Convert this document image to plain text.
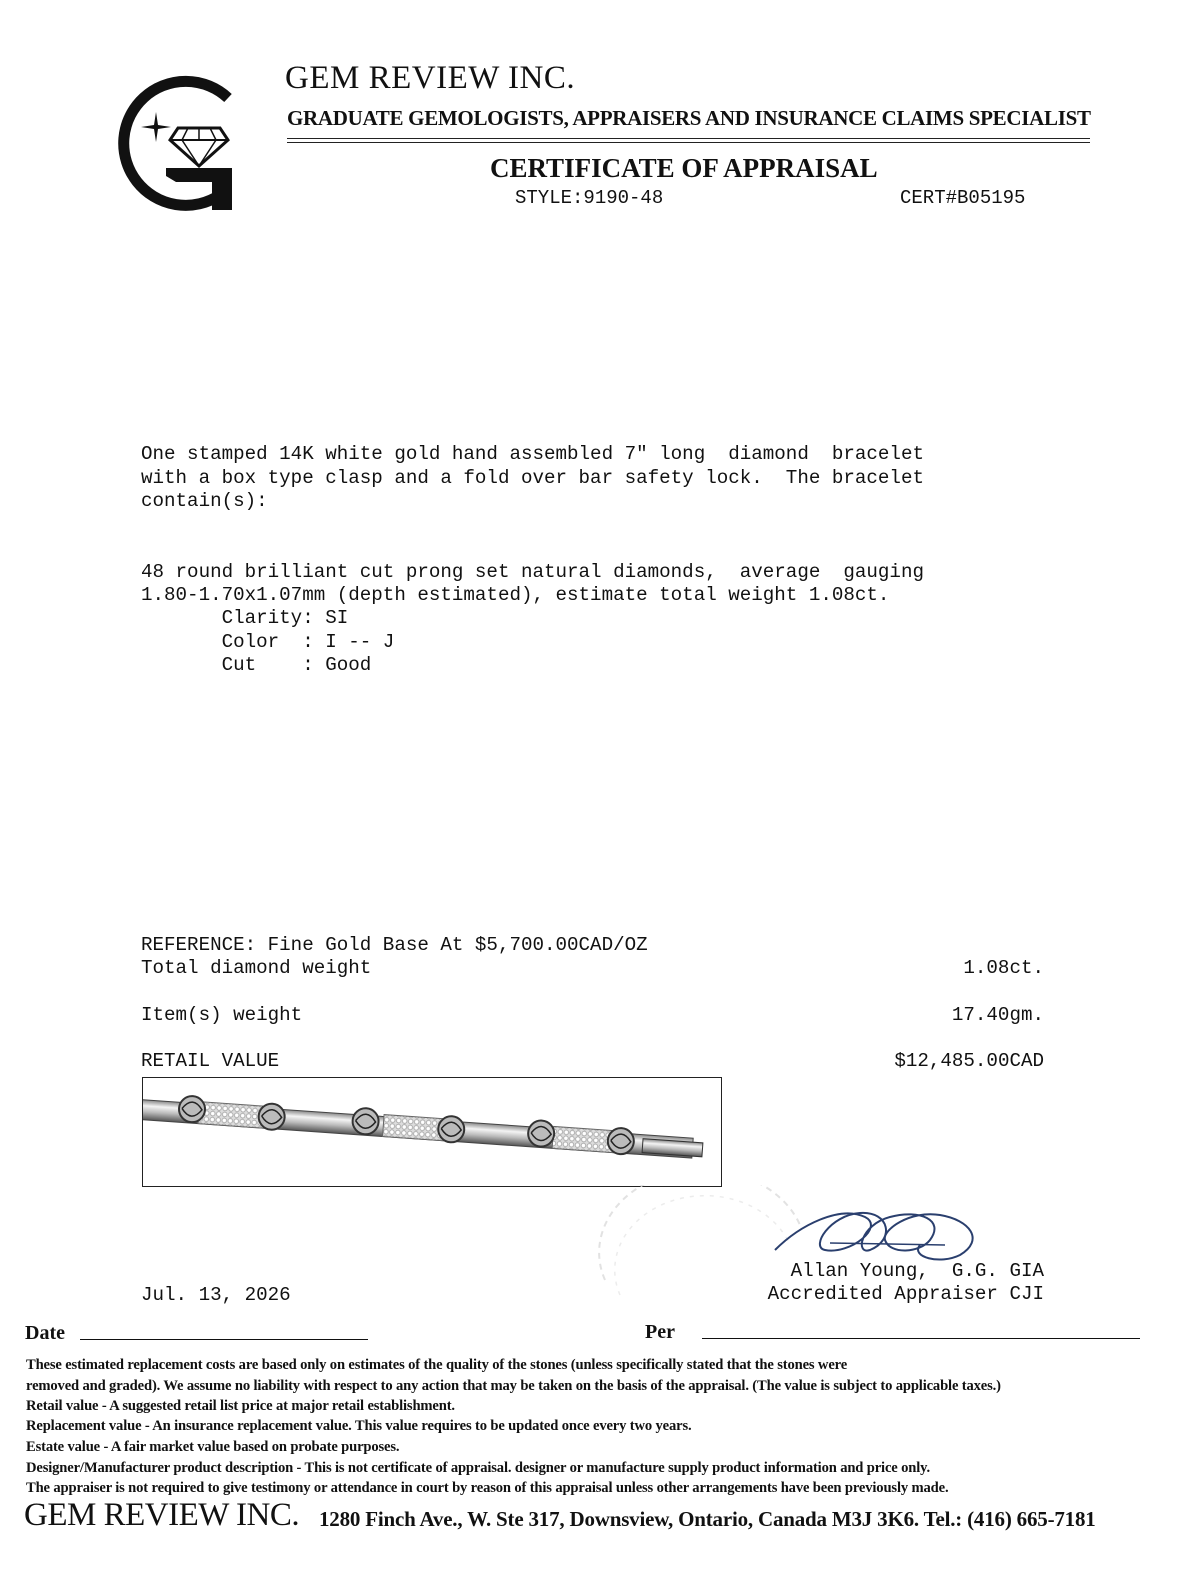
GEM REVIEW INC.
GRADUATE GEMOLOGISTS, APPRAISERS AND INSURANCE CLAIMS SPECIALIST
CERTIFICATE OF APPRAISAL
STYLE:9190-48	CERT#B05195
One stamped 14K white gold hand assembled 7" long  diamond  bracelet
with a box type clasp and a fold over bar safety lock.  The bracelet
contain(s):
48 round brilliant cut prong set natural diamonds,  average  gauging
1.80-1.70x1.07mm (depth estimated), estimate total weight 1.08ct.
Clarity: SI
Color  : I -- J
Cut    : Good
REFERENCE: Fine Gold Base At $5,700.00CAD/OZ
Total diamond weight	1.08ct.
Item(s) weight	17.40gm.
RETAIL VALUE	$12,485.00CAD
Jul. 13, 2026
Allan Young,  G.G. GIA
Accredited Appraiser CJI
Date	Per
These estimated replacement costs are based only on estimates of the quality of the stones (unless specifically stated that the stones were
removed and graded). We assume no liability with respect to any action that may be taken on the basis of the appraisal. (The value is subject to applicable taxes.)
Retail value - A suggested retail list price at major retail establishment.
Replacement value - An insurance replacement value. This value requires to be updated once every two years.
Estate value - A fair market value based on probate purposes.
Designer/Manufacturer product description - This is not certificate of appraisal. designer or manufacture supply product information and price only.
The appraiser is not required to give testimony or attendance in court by reason of this appraisal unless other arrangements have been previously made.
GEM REVIEW INC. 1280 Finch Ave., W. Ste 317, Downsview, Ontario, Canada M3J 3K6. Tel.: (416) 665-7181
